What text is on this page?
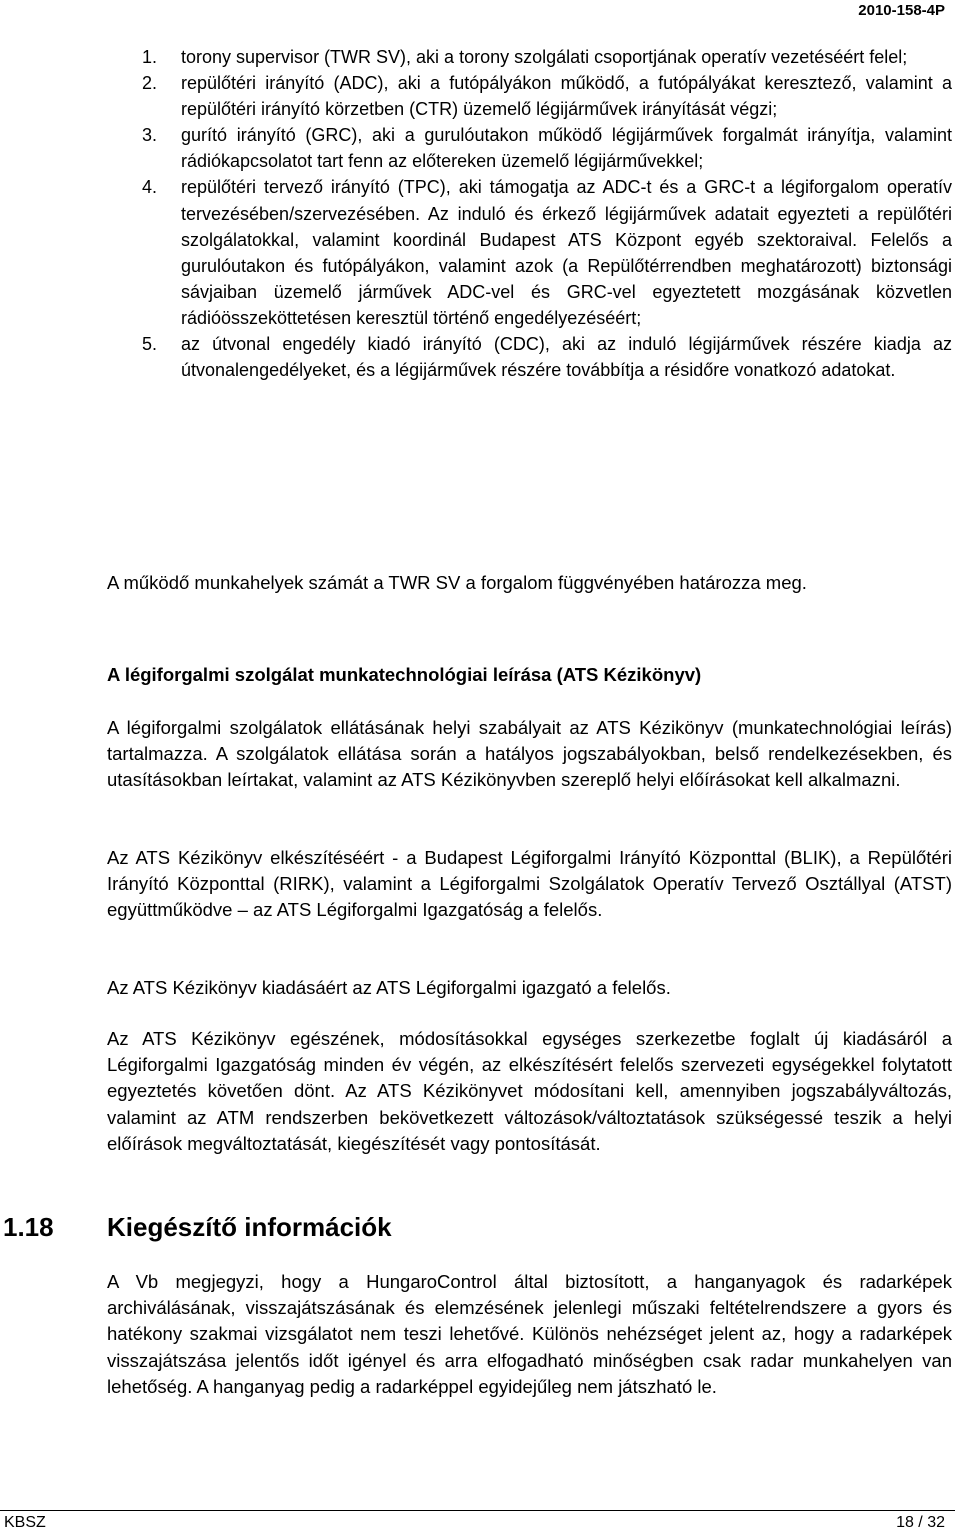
2010-158-4P
1. torony supervisor (TWR SV), aki a torony szolgálati csoportjának operatív vezetéséért felel;
2. repülőtéri irányító (ADC), aki a futópályákon működő, a futópályákat keresztező, valamint a repülőtéri irányító körzetben (CTR) üzemelő légijárművek irányítását végzi;
3. gurító irányító (GRC), aki a gurulóutakon működő légijárművek forgalmát irányítja, valamint rádiókapcsolatot tart fenn az előtereken üzemelő légijárművekkel;
4. repülőtéri tervező irányító (TPC), aki támogatja az ADC-t és a GRC-t a légiforgalom operatív tervezésében/szervezésében. Az induló és érkező légijárművek adatait egyezteti a repülőtéri szolgálatokkal, valamint koordinál Budapest ATS Központ egyéb szektoraival. Felelős a gurulóutakon és futópályákon, valamint azok (a Repülőtérrendben meghatározott) biztonsági sávjaiban üzemelő járművek ADC-vel és GRC-vel egyeztetett mozgásának közvetlen rádióösszeköttetésen keresztül történő engedélyezéséért;
5. az útvonal engedély kiadó irányító (CDC), aki az induló légijárművek részére kiadja az útvonalengedélyeket, és a légijárművek részére továbbítja a résidőre vonatkozó adatokat.

A működő munkahelyek számát a TWR SV a forgalom függvényében határozza meg.

A légiforgalmi szolgálat munkatechnológiai leírása (ATS Kézikönyv)

A légiforgalmi szolgálatok ellátásának helyi szabályait az ATS Kézikönyv (munkatechnológiai leírás) tartalmazza. A szolgálatok ellátása során a hatályos jogszabályokban, belső rendelkezésekben, és utasításokban leírtakat, valamint az ATS Kézikönyvben szereplő helyi előírásokat kell alkalmazni.

Az ATS Kézikönyv elkészítéséért - a Budapest Légiforgalmi Irányító Központtal (BLIK), a Repülőtéri Irányító Központtal (RIRK), valamint a Légiforgalmi Szolgálatok Operatív Tervező Osztállyal (ATST) együttműködve – az ATS Légiforgalmi Igazgatóság a felelős.

Az ATS Kézikönyv kiadásáért az ATS Légiforgalmi igazgató a felelős.

Az ATS Kézikönyv egészének, módosításokkal egységes szerkezetbe foglalt új kiadásáról a Légiforgalmi Igazgatóság minden év végén, az elkészítésért felelős szervezeti egységekkel folytatott egyeztetés követően dönt. Az ATS Kézikönyvet módosítani kell, amennyiben jogszabályváltozás, valamint az ATM rendszerben bekövetkezett változások/változtatások szükségessé teszik a helyi előírások megváltoztatását, kiegészítését vagy pontosítását.

1.18 Kiegészítő információk

A Vb megjegyzi, hogy a HungaroControl által biztosított, a hanganyagok és radarképek archiválásának, visszajátszásának és elemzésének jelenlegi műszaki feltételrendszere a gyors és hatékony szakmai vizsgálatot nem teszi lehetővé. Különös nehézséget jelent az, hogy a radarképek visszajátszása jelentős időt igényel és arra elfogadható minőségben csak radar munkahelyen van lehetőség. A hanganyag pedig a radarképpel egyidejűleg nem játszható le.

KBSZ	18 / 32
